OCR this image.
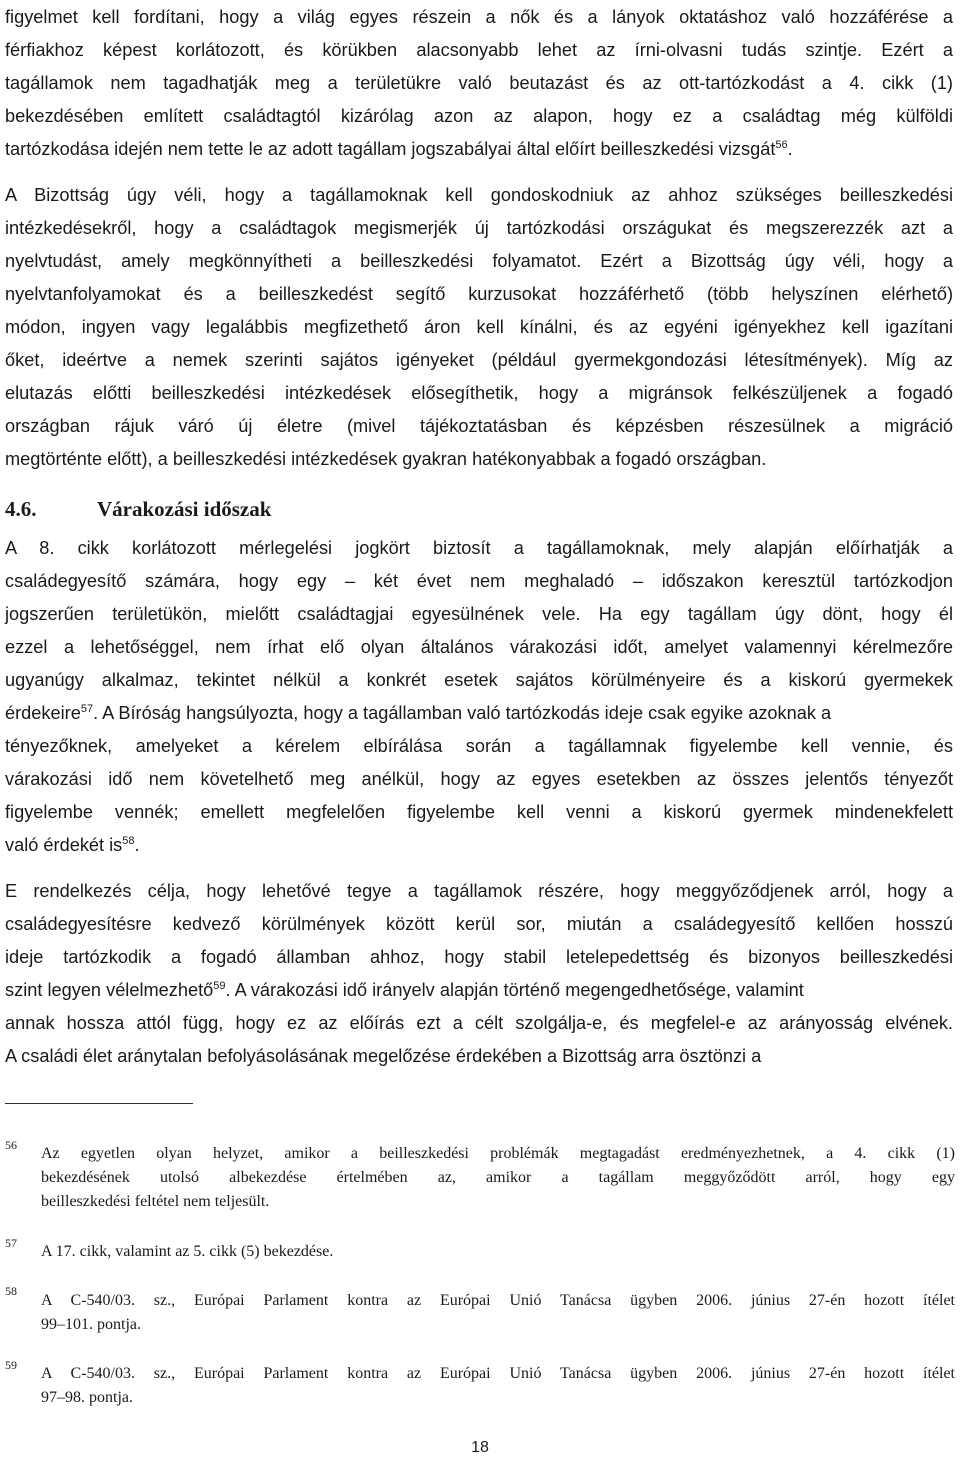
figyelmet kell fordítani, hogy a világ egyes részein a nők és a lányok oktatáshoz való hozzáférése a
férfiakhoz képest korlátozott, és körükben alacsonyabb lehet az írni-olvasni tudás szintje. Ezért a
tagállamok nem tagadhatják meg a területükre való beutazást és az ott-tartózkodást a 4. cikk (1)
bekezdésében említett családtagtól kizárólag azon az alapon, hogy ez a családtag még külföldi
tartózkodása idején nem tette le az adott tagállam jogszabályai által előírt beilleszkedési vizsgát$^{56}$.
A Bizottság úgy véli, hogy a tagállamoknak kell gondoskodniuk az ahhoz szükséges beilleszkedési
intézkedésekről, hogy a családtagok megismerjék új tartózkodási országukat és megszerezzék azt a
nyelvtudást, amely megkönnyítheti a beilleszkedési folyamatot. Ezért a Bizottság úgy véli, hogy a
nyelvtanfolyamokat és a beilleszkedést segítő kurzusokat hozzáférhető (több helyszínen elérhető)
módon, ingyen vagy legalábbis megfizethető áron kell kínálni, és az egyéni igényekhez kell igazítani
őket, ideértve a nemek szerinti sajátos igényeket (például gyermekgondozási létesítmények). Míg az
elutazás előtti beilleszkedési intézkedések elősegíthetik, hogy a migránsok felkészüljenek a fogadó
országban rájuk váró új életre (mivel tájékoztatásban és képzésben részesülnek a migráció
megtörténte előtt), a beilleszkedési intézkedések gyakran hatékonyabbak a fogadó országban.
4.6.	Várakozási időszak
A 8. cikk korlátozott mérlegelési jogkört biztosít a tagállamoknak, mely alapján előírhatják a
családegyesítő számára, hogy egy – két évet nem meghaladó – időszakon keresztül tartózkodjon
jogszerűen területükön, mielőtt családtagjai egyesülnének vele. Ha egy tagállam úgy dönt, hogy él
ezzel a lehetőséggel, nem írhat elő olyan általános várakozási időt, amelyet valamennyi kérelmezőre
ugyanúgy alkalmaz, tekintet nélkül a konkrét esetek sajátos körülményeire és a kiskorú gyermekek
érdekeire$^{57}$. A Bíróság hangsúlyozta, hogy a tagállamban való tartózkodás ideje csak egyike azoknak a
tényezőknek, amelyeket a kérelem elbírálása során a tagállamnak figyelembe kell vennie, és
várakozási idő nem követelhető meg anélkül, hogy az egyes esetekben az összes jelentős tényezőt
figyelembe vennék; emellett megfelelően figyelembe kell venni a kiskorú gyermek mindenekfelett
való érdekét $is^{58}$.
E rendelkezés célja, hogy lehetővé tegye a tagállamok részére, hogy meggyőződjenek arról, hogy a
családegyesítésre kedvező körülmények között kerül sor, miután a családegyesítő kellően hosszú
ideje tartózkodik a fogadó államban ahhoz, hogy stabil letelepedettség és bizonyos beilleszkedési
szint legyen vélelmezhető$^{59}$. A várakozási idő irányelv alapján történő megengedhetősége, valamint
annak hossza attól függ, hogy ez az előírás ezt a célt szolgálja-e, és megfelel-e az arányosság elvének.
A családi élet aránytalan befolyásolásának megelőzése érdekében a Bizottság arra ösztönzi a
56 Az egyetlen olyan helyzet, amikor a beilleszkedési problémák megtagadást eredményezhetnek, a 4. cikk (1)
bekezdésének utolsó albekezdése értelmében az, amikor a tagállam meggyőződött arról, hogy egy
beilleszkedési feltétel nem teljesült.
57 A 17. cikk, valamint az 5. cikk (5) bekezdése.
58
A C-540/03. sz., Európai Parlament kontra az Európai Unió Tanácsa ügyben 2006. június 27-én hozott ítélet
99–101. pontja.
59 A C-540/03. sz., Európai Parlament kontra az Európai Unió Tanácsa ügyben 2006. június 27-én hozott ítélet
97–98. pontja.
18
